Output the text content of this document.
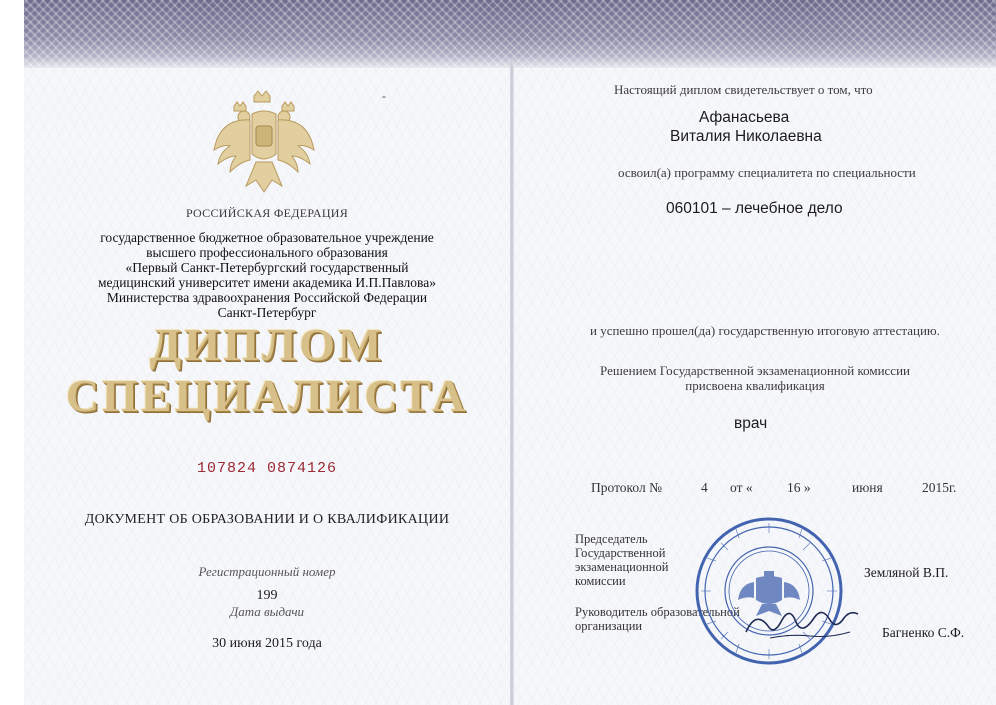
-
РОССИЙСКАЯ ФЕДЕРАЦИЯ
государственное бюджетное образовательное учреждение
высшего профессионального образования
«Первый Санкт-Петербургский государственный
медицинский университет имени академика И.П.Павлова»
Министерства здравоохранения Российской Федерации
Санкт-Петербург
ДИПЛОМ
СПЕЦИАЛИСТА
107824 0874126
ДОКУМЕНТ ОБ ОБРАЗОВАНИИ И О КВАЛИФИКАЦИИ
Регистрационный номер
199
Дата выдачи
30 июня 2015 года
Настоящий диплом свидетельствует о том, что
Афанасьева
Виталия Николаевна
освоил(а) программу специалитета по специальности
060101 – лечебное дело
и успешно прошел(да) государственную итоговую аттестацию.
Решением Государственной экзаменационной комиссии
присвоена квалификация
врач
Протокол №	4 от «	16 »	июня	2015г.
Председатель
Государственной
экзаменационной комиссии
Земляной В.П.
Руководитель образовательной
организации	Багненко С.Ф.
